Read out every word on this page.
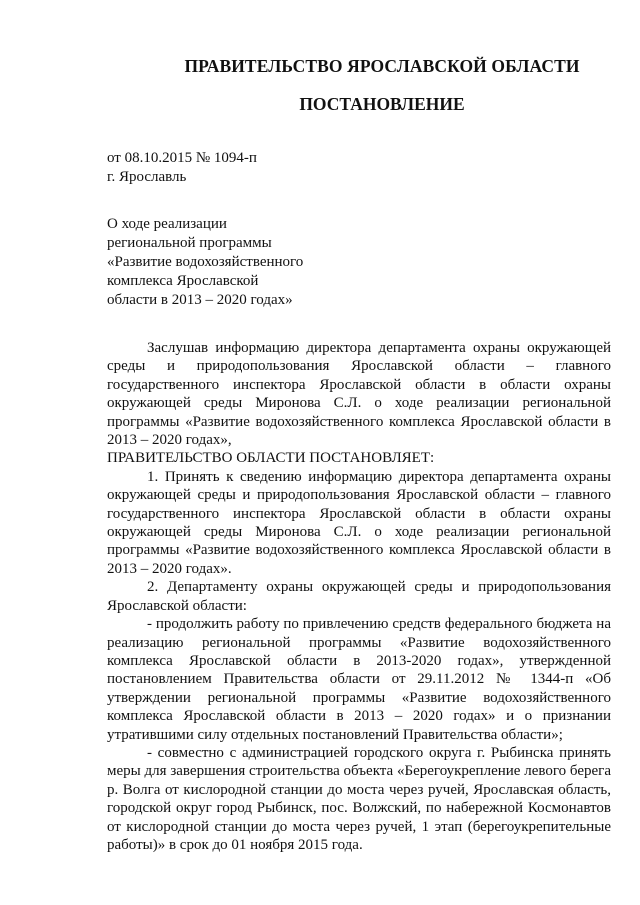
ПРАВИТЕЛЬСТВО ЯРОСЛАВСКОЙ ОБЛАСТИ
ПОСТАНОВЛЕНИЕ
от 08.10.2015 № 1094-п
г. Ярославль
О ходе реализации
региональной программы
«Развитие водохозяйственного
комплекса Ярославской
области в 2013 – 2020 годах»

Заслушав информацию директора департамента охраны окружающей среды и природопользования Ярославской области – главного государственного инспектора Ярославской области в области охраны окружающей среды Миронова С.Л. о ходе реализации региональной программы «Развитие водохозяйственного комплекса Ярославской области в 2013 – 2020 годах»,

ПРАВИТЕЛЬСТВО ОБЛАСТИ ПОСТАНОВЛЯЕТ:

1. Принять к сведению информацию директора департамента охраны окружающей среды и природопользования Ярославской области – главного государственного инспектора Ярославской области в области охраны окружающей среды Миронова С.Л. о ходе реализации региональной программы «Развитие водохозяйственного комплекса Ярославской области в 2013 – 2020 годах».

2. Департаменту охраны окружающей среды и природопользования Ярославской области:

- продолжить работу по привлечению средств федерального бюджета на реализацию региональной программы «Развитие водохозяйственного комплекса Ярославской области в 2013-2020 годах», утвержденной постановлением Правительства области от 29.11.2012 № 1344-п «Об утверждении региональной программы «Развитие водохозяйственного комплекса Ярославской области в 2013 – 2020 годах» и о признании утратившими силу отдельных постановлений Правительства области»;

- совместно с администрацией городского округа г. Рыбинска принять меры для завершения строительства объекта «Берегоукрепление левого берега р. Волга от кислородной станции до моста через ручей, Ярославская область, городской округ город Рыбинск, пос. Волжский, по набережной Космонавтов от кислородной станции до моста через ручей, 1 этап (берегоукрепительные работы)» в срок до 01 ноября 2015 года.
